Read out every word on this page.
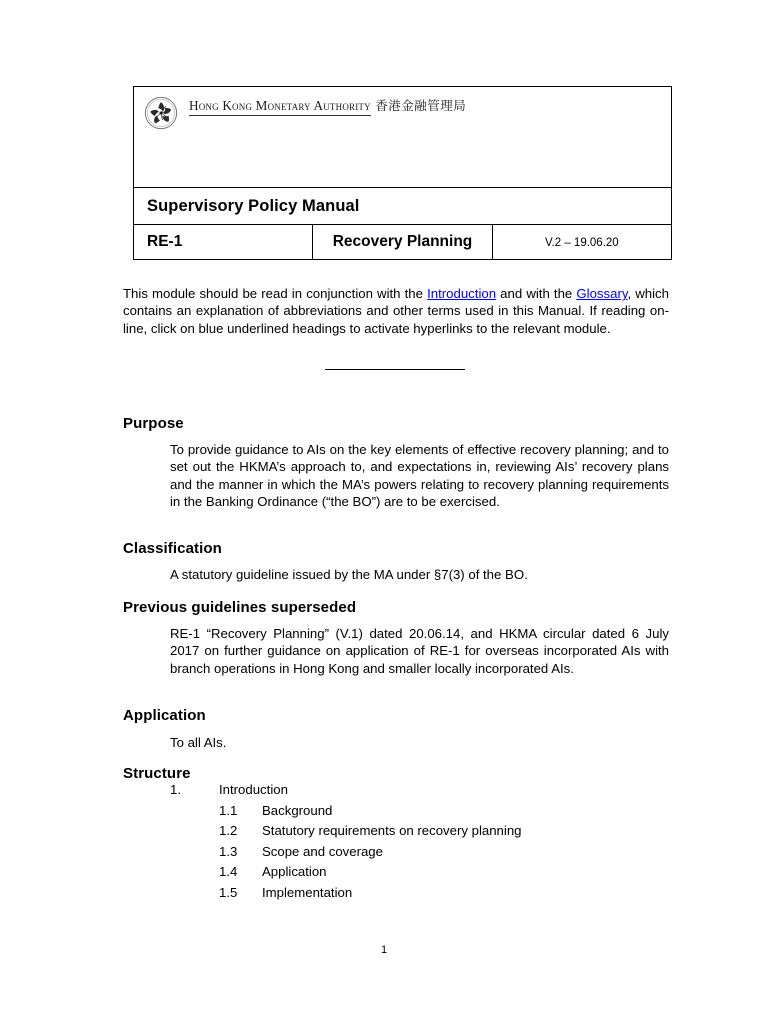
Hong Kong Monetary Authority 香港金融管理局

Supervisory Policy Manual
RE-1	Recovery Planning	V.2 – 19.06.20

This module should be read in conjunction with the Introduction and with the Glossary, which contains an explanation of abbreviations and other terms used in this Manual. If reading on-line, click on blue underlined headings to activate hyperlinks to the relevant module.

Purpose

To provide guidance to AIs on the key elements of effective recovery planning; and to set out the HKMA’s approach to, and expectations in, reviewing AIs’ recovery plans and the manner in which the MA’s powers relating to recovery planning requirements in the Banking Ordinance (“the BO”) are to be exercised.

Classification

A statutory guideline issued by the MA under §7(3) of the BO.

Previous guidelines superseded

RE-1 “Recovery Planning” (V.1) dated 20.06.14, and HKMA circular dated 6 July 2017 on further guidance on application of RE-1 for overseas incorporated AIs with branch operations in Hong Kong and smaller locally incorporated AIs.

Application

To all AIs.

Structure
1.	Introduction
1.1	Background
1.2	Statutory requirements on recovery planning
1.3	Scope and coverage
1.4	Application
1.5	Implementation
1
